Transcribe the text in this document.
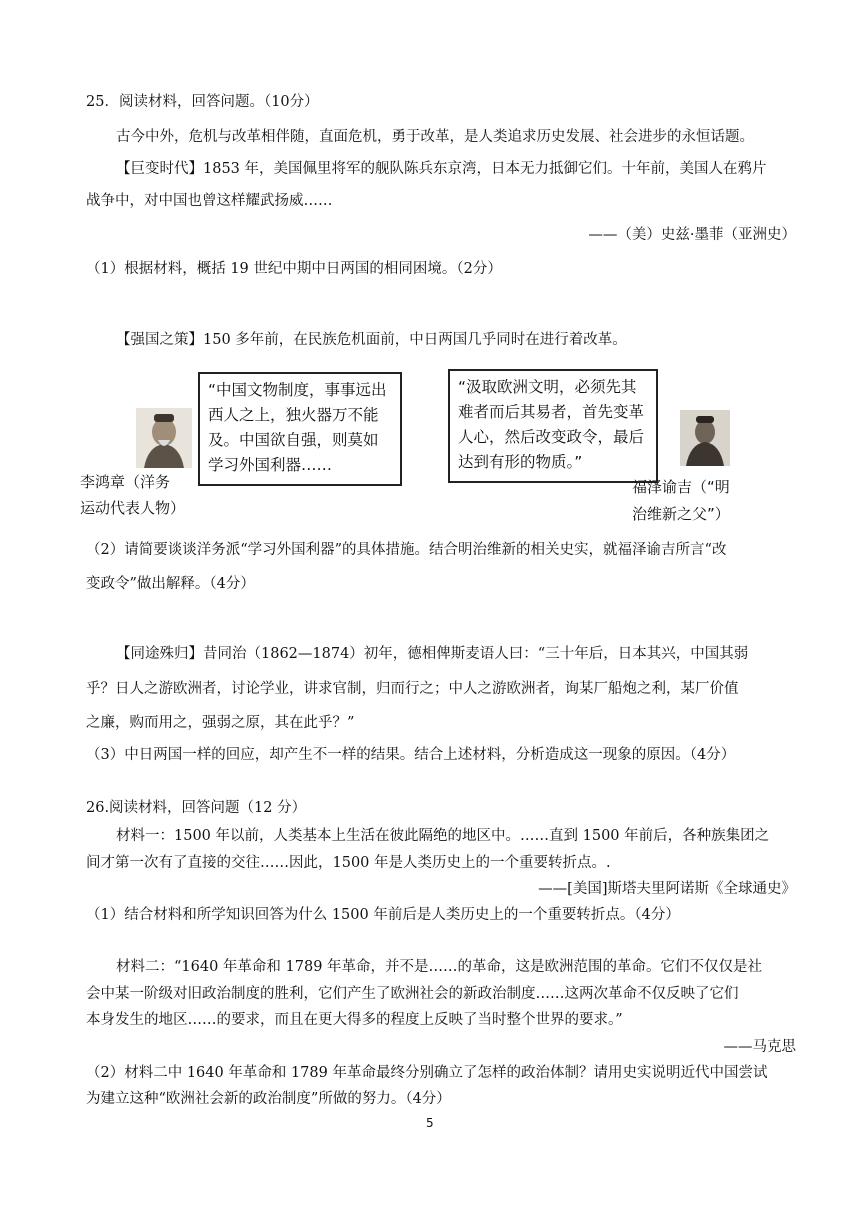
25．阅读材料，回答问题。（10分）
古今中外，危机与改革相伴随，直面危机，勇于改革，是人类追求历史发展、社会进步的永恒话题。
【巨变时代】1853 年，美国佩里将军的舰队陈兵东京湾，日本无力抵御它们。十年前，美国人在鸦片
战争中，对中国也曾这样耀武扬威……
——（美）史兹·墨菲（亚洲史）
（1）根据材料，概括 19 世纪中期中日两国的相同困境。（2分）
【强国之策】150 多年前，在民族危机面前，中日两国几乎同时在进行着改革。
李鸿章（洋务
运动代表人物）
“中国文物制度，事事远出西人之上，独火器万不能及。中国欲自强，则莫如学习外国利器……
“汲取欧洲文明，必须先其难者而后其易者，首先变革人心，然后改变政令，最后达到有形的物质。”
福泽谕吉（“明
治维新之父”）
（2）请简要谈谈洋务派“学习外国利器”的具体措施。结合明治维新的相关史实，就福泽谕吉所言“改
变政令”做出解释。（4分）
【同途殊归】昔同治（1862—1874）初年，德相俾斯麦语人曰：“三十年后，日本其兴，中国其弱
乎？日人之游欧洲者，讨论学业，讲求官制，归而行之；中人之游欧洲者，询某厂船炮之利，某厂价值
之廉，购而用之，强弱之原，其在此乎？”
（3）中日两国一样的回应，却产生不一样的结果。结合上述材料，分析造成这一现象的原因。（4分）
26.阅读材料，回答问题（12 分）
材料一：1500 年以前，人类基本上生活在彼此隔绝的地区中。……直到 1500 年前后，各种族集团之
间才第一次有了直接的交往……因此，1500 年是人类历史上的一个重要转折点。.
——[美国]斯塔夫里阿诺斯《全球通史》
（1）结合材料和所学知识回答为什么 1500 年前后是人类历史上的一个重要转折点。（4分）
材料二：“1640 年革命和 1789 年革命，并不是……的革命，这是欧洲范围的革命。它们不仅仅是社
会中某一阶级对旧政治制度的胜利，它们产生了欧洲社会的新政治制度……这两次革命不仅反映了它们
本身发生的地区……的要求，而且在更大得多的程度上反映了当时整个世界的要求。”
——马克思
（2）材料二中 1640 年革命和 1789 年革命最终分别确立了怎样的政治体制？请用史实说明近代中国尝试
为建立这种“欧洲社会新的政治制度”所做的努力。（4分）
5
